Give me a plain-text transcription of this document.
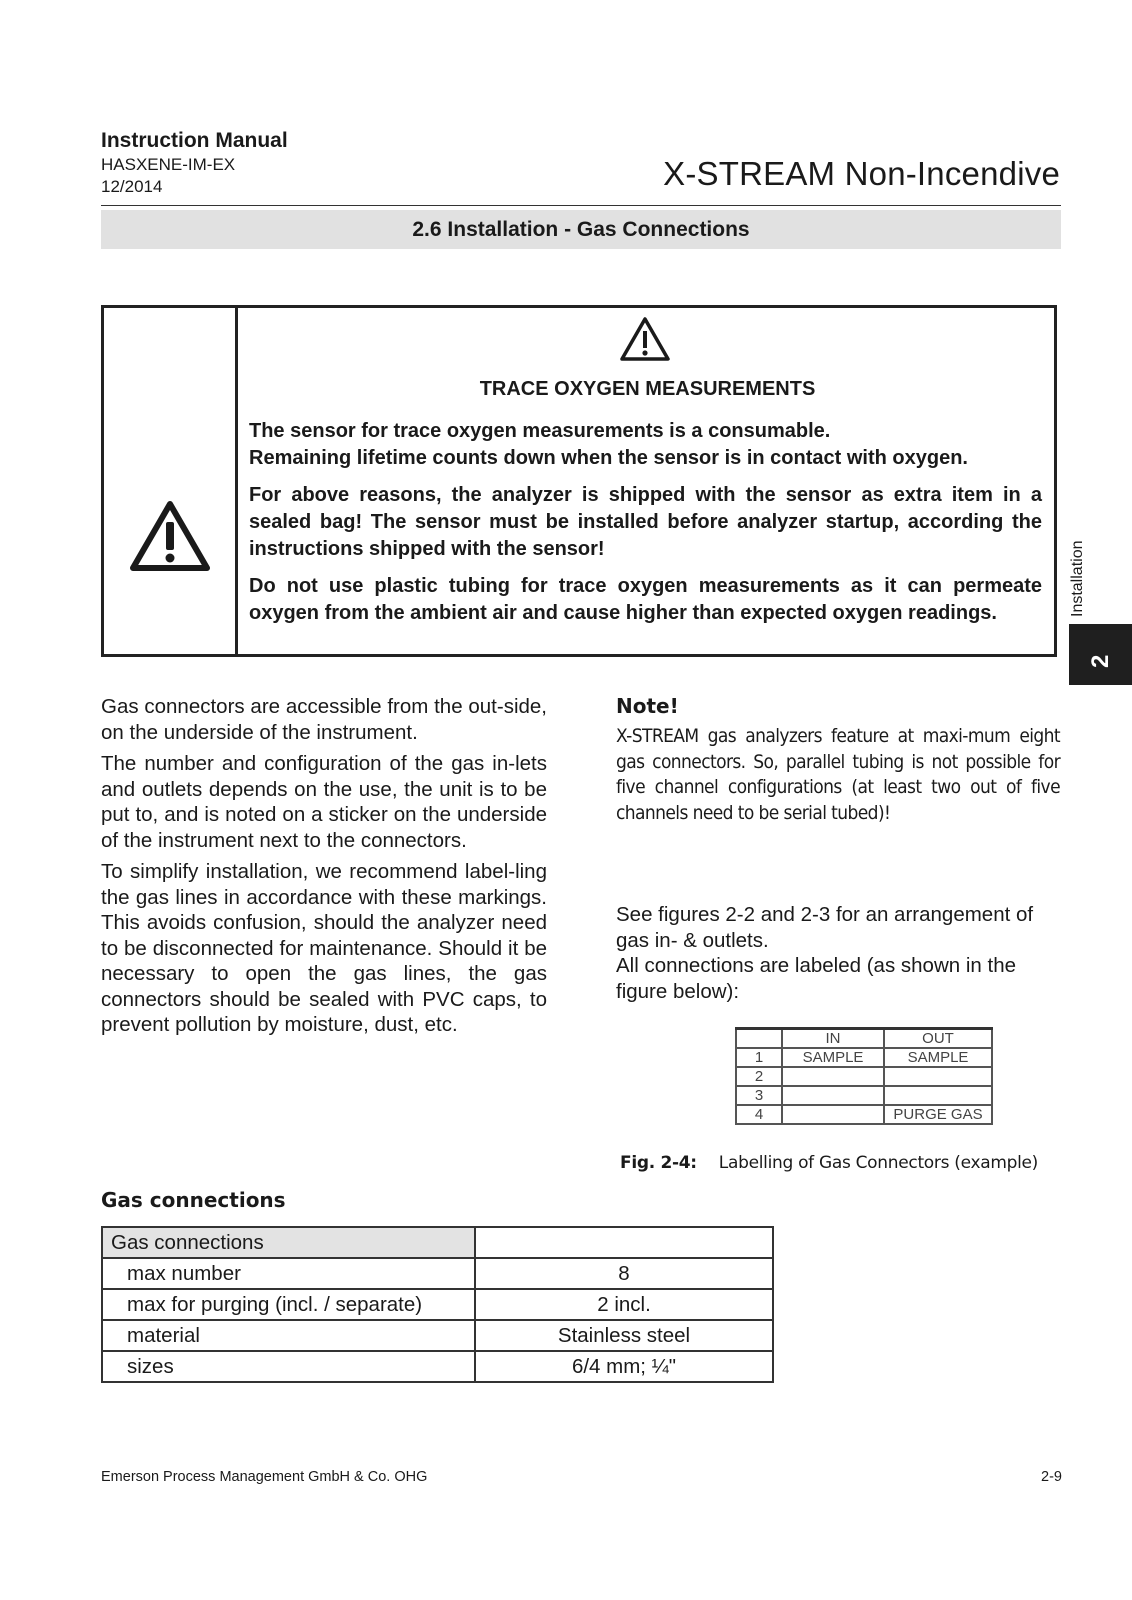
Instruction Manual
HASXENE-IM-EX
12/2014	X-STREAM Non-Incendive
2.6 Installation - Gas Connections
TRACE OXYGEN MEASUREMENTS

The sensor for trace oxygen measurements is a consumable.
Remaining lifetime counts down when the sensor is in contact with oxygen.

For above reasons, the analyzer is shipped with the sensor as extra item in a sealed bag! The sensor must be installed before analyzer startup, according the instructions shipped with the sensor!

Do not use plastic tubing for trace oxygen measurements as it can permeate oxygen from the ambient air and cause higher than expected oxygen readings.	Installation
2

Gas connectors are accessible from the out-side, on the underside of the instrument.

The number and configuration of the gas in-lets and outlets depends on the use, the unit is to be put to, and is noted on a sticker on the underside of the instrument next to the connectors.

To simplify installation, we recommend label-ling the gas lines in accordance with these markings. This avoids confusion, should the analyzer need to be disconnected for maintenance. Should it be necessary to open the gas lines, the gas connectors should be sealed with PVC caps, to prevent pollution by moisture, dust, etc.

Note!
X-STREAM gas analyzers feature at maxi-mum eight gas connectors. So, parallel tubing is not possible for five channel configurations (at least two out of five channels need to be serial tubed)!

See figures 2-2 and 2-3 for an arrangement of gas in- & outlets.

All connections are labeled (as shown in the figure below):

	IN	OUT
1	SAMPLE	SAMPLE
2		
3		
4		PURGE GAS
Fig. 2-4: Labelling of Gas Connectors (example)
Gas connections
Gas connections	
max number	8
max for purging (incl. / separate)	2 incl.
material	Stainless steel
sizes	6/4 mm; ¼"
Emerson Process Management GmbH & Co. OHG	2-9
